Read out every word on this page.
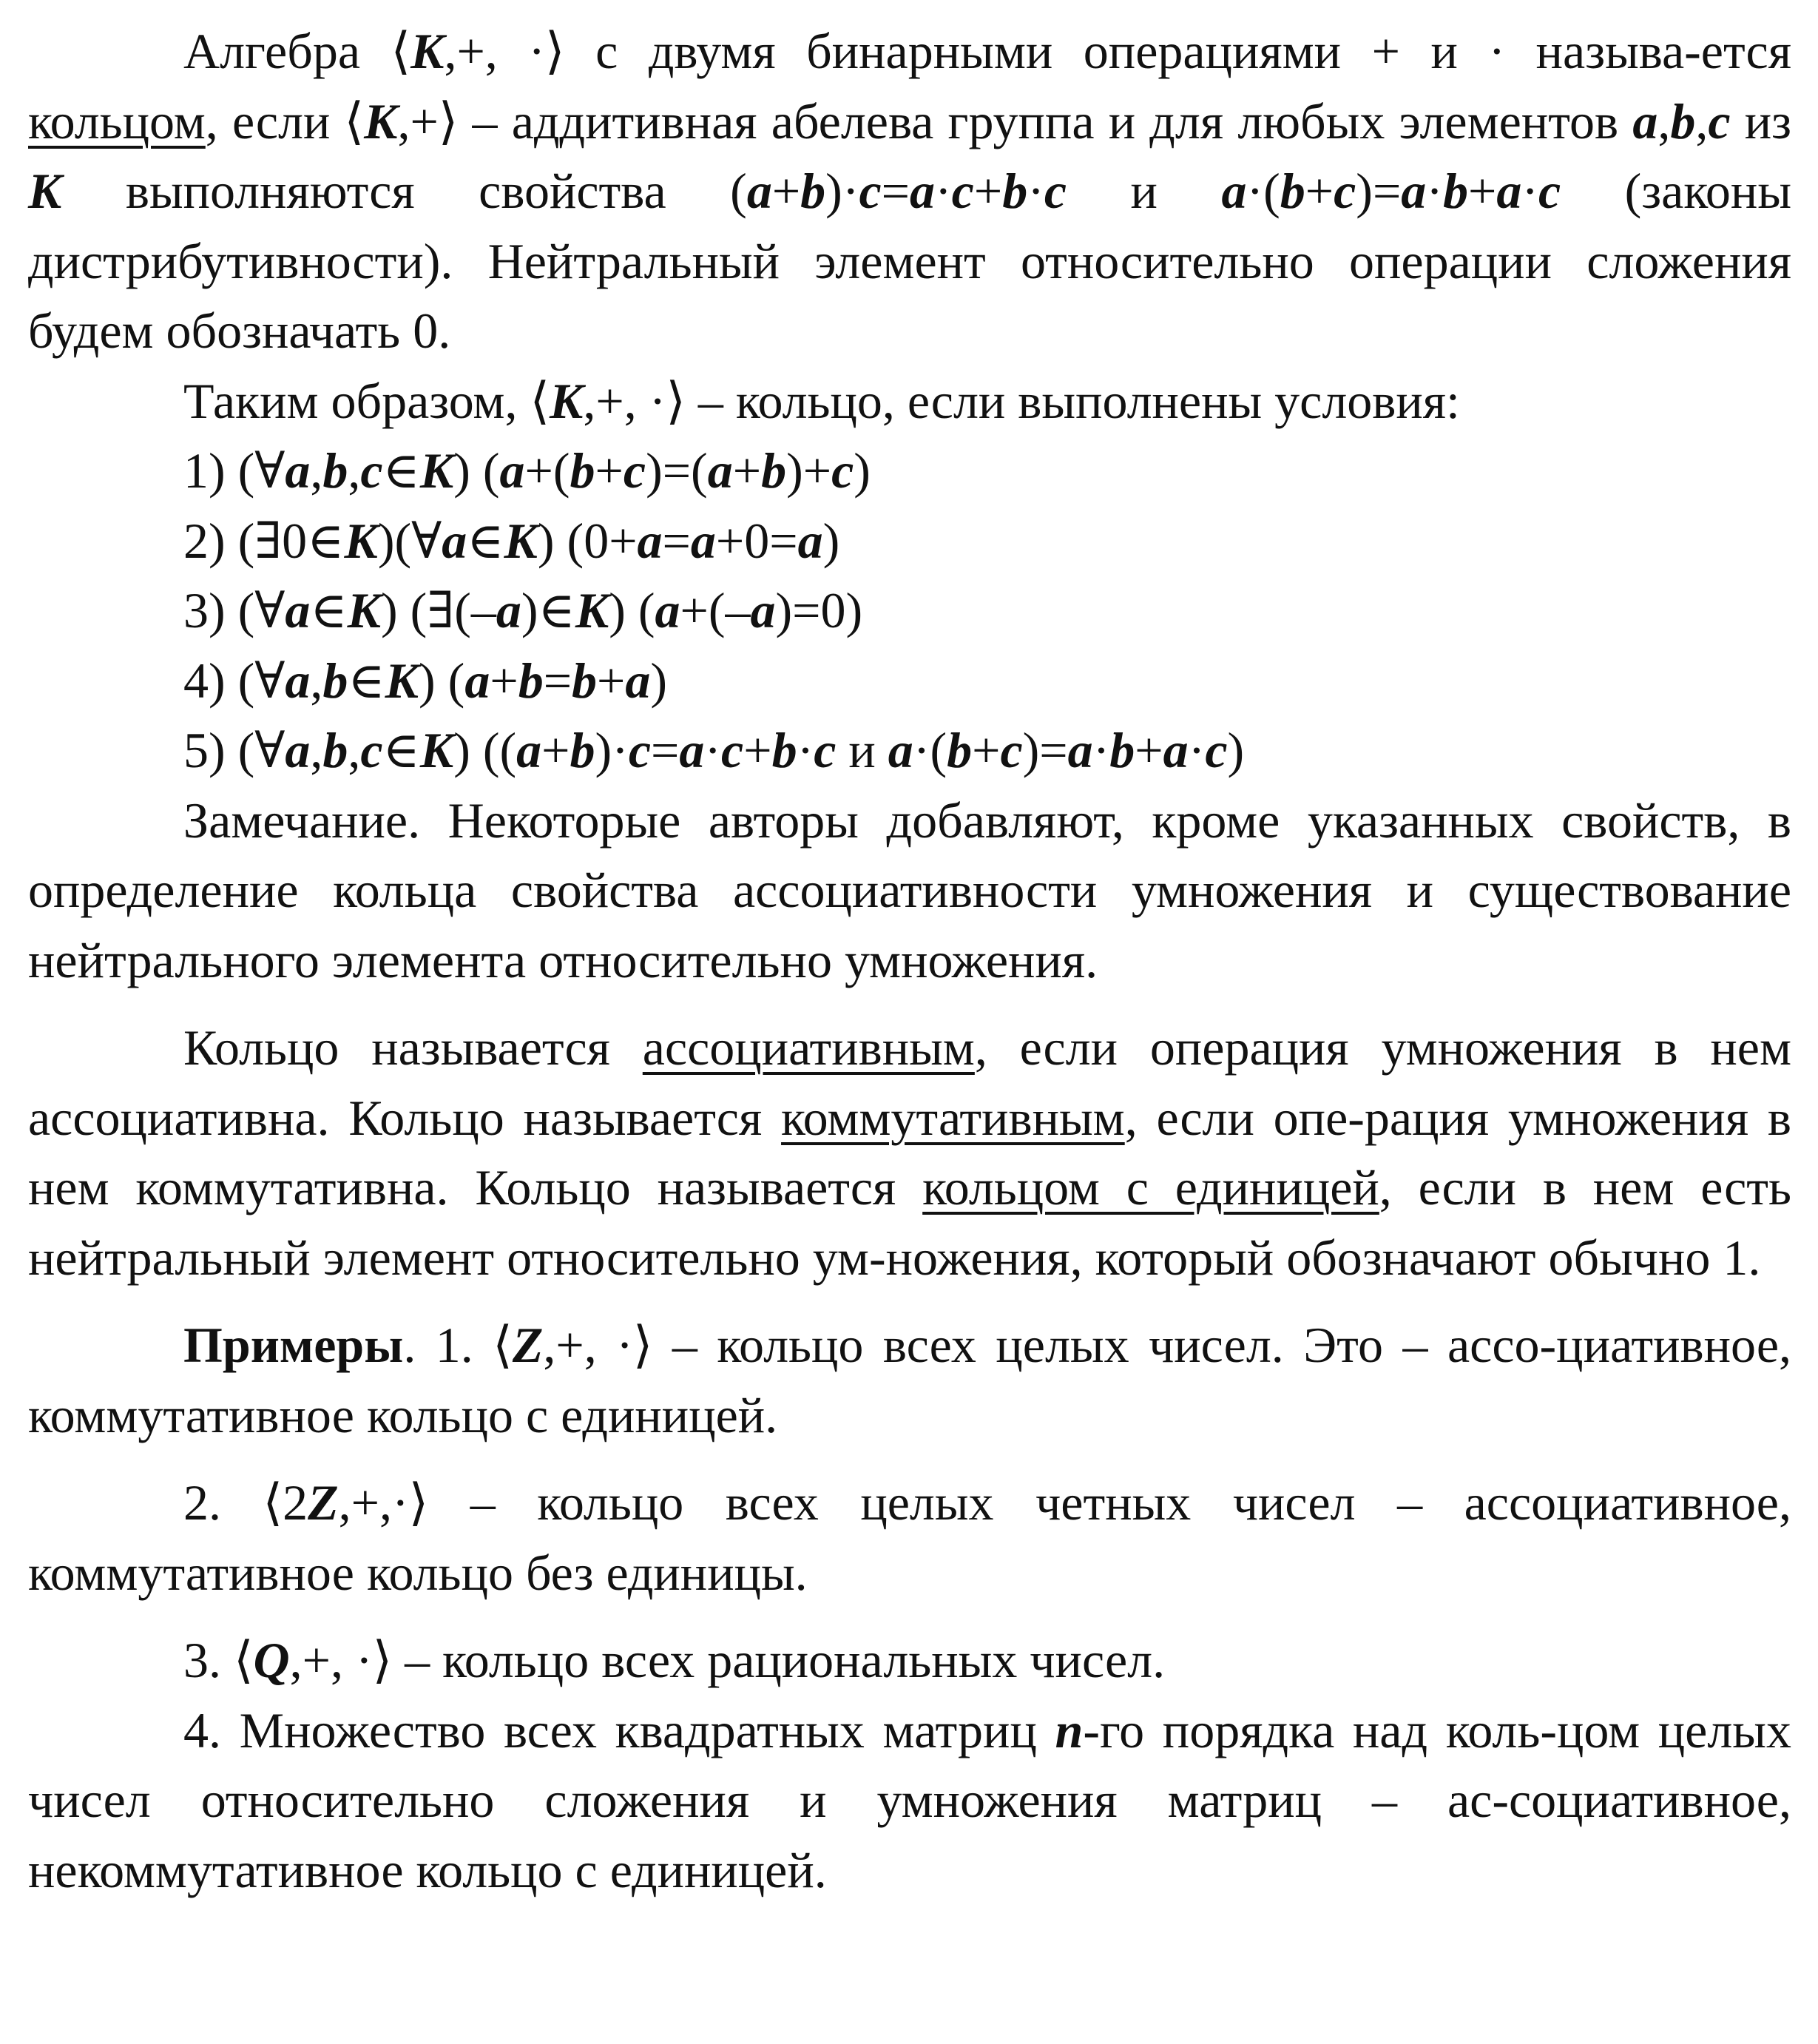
Алгебра ⟨K,+, ·⟩ с двумя бинарными операциями + и · называ-ется кольцом, если ⟨K,+⟩ – аддитивная абелева группа и для любых элементов a,b,c из K выполняются свойства (a+b)·c=a·c+b·c и a·(b+c)=a·b+a·c (законы дистрибутивности). Нейтральный элемент относительно операции сложения будем обозначать 0.

Таким образом, ⟨K,+, ·⟩ – кольцо, если выполнены условия:

1) (∀a,b,c∈K) (a+(b+c)=(a+b)+c)

2) (∃0∈K)(∀a∈K) (0+a=a+0=a)

3) (∀a∈K) (∃(–a)∈K) (a+(–a)=0)

4) (∀a,b∈K) (a+b=b+a)

5) (∀a,b,c∈K) ((a+b)·c=a·c+b·c и a·(b+c)=a·b+a·c)

Замечание. Некоторые авторы добавляют, кроме указанных свойств, в определение кольца свойства ассоциативности умножения и существование нейтрального элемента относительно умножения.

Кольцо называется ассоциативным, если операция умножения в нем ассоциативна. Кольцо называется коммутативным, если опе-рация умножения в нем коммутативна. Кольцо называется кольцом с единицей, если в нем есть нейтральный элемент относительно ум-ножения, который обозначают обычно 1.

Примеры. 1. ⟨Z,+, ·⟩ – кольцо всех целых чисел. Это – ассо-циативное, коммутативное кольцо с единицей.

2. ⟨2Z,+,·⟩ – кольцо всех целых четных чисел – ассоциативное, коммутативное кольцо без единицы.

3. ⟨Q,+, ·⟩ – кольцо всех рациональных чисел.

4. Множество всех квадратных матриц n-го порядка над коль-цом целых чисел относительно сложения и умножения матриц – ас-социативное, некоммутативное кольцо с единицей.
